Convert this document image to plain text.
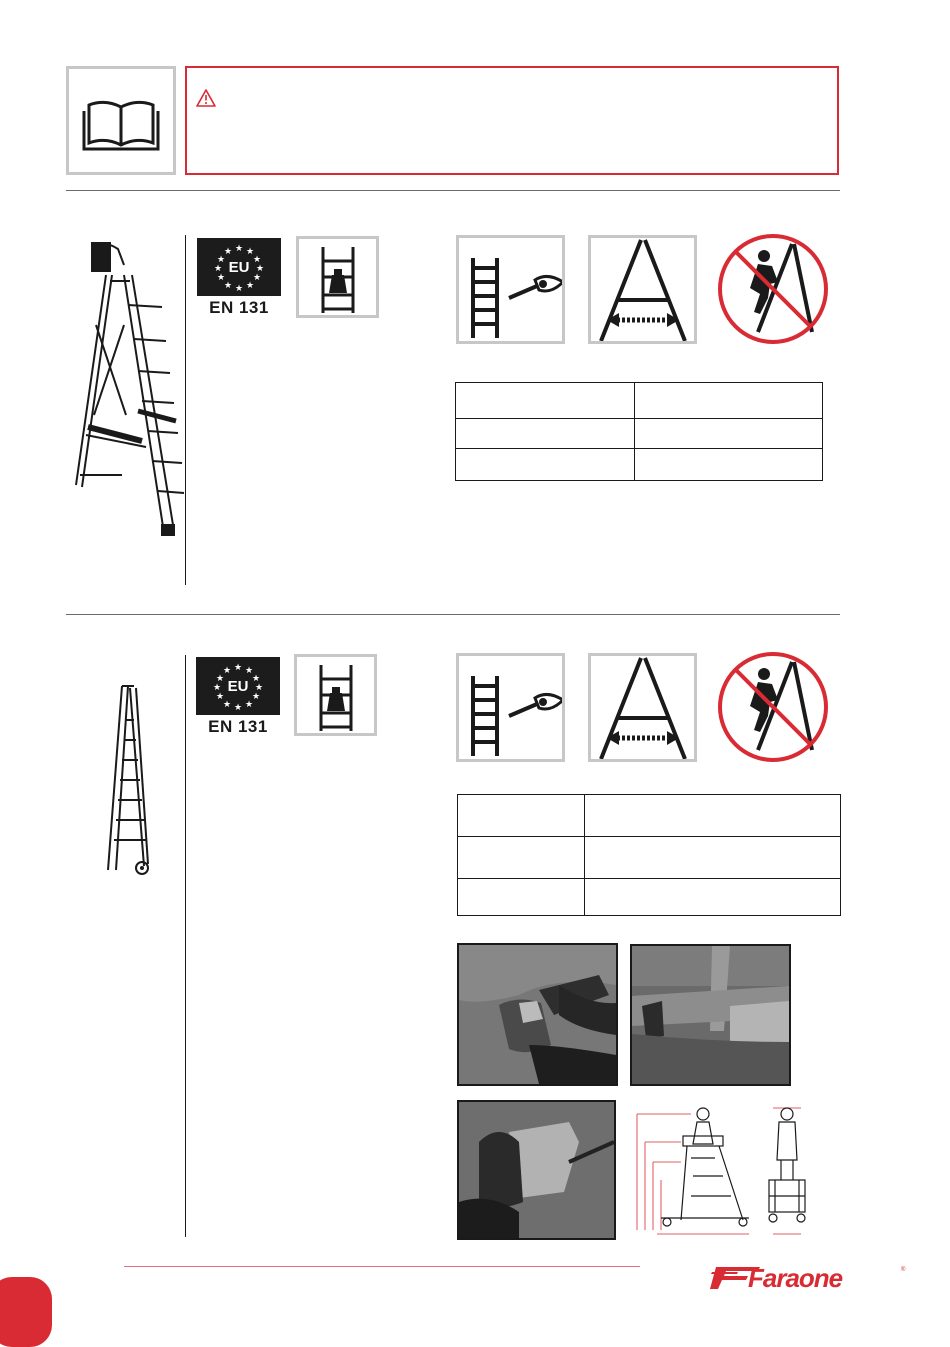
★ ★
★
★
★
★
★
★
★
★
★
★
EU
EN 131

★ ★
★
★
★
★
★
★
★
★
★
★
EU
EN 131

Faraone	®
